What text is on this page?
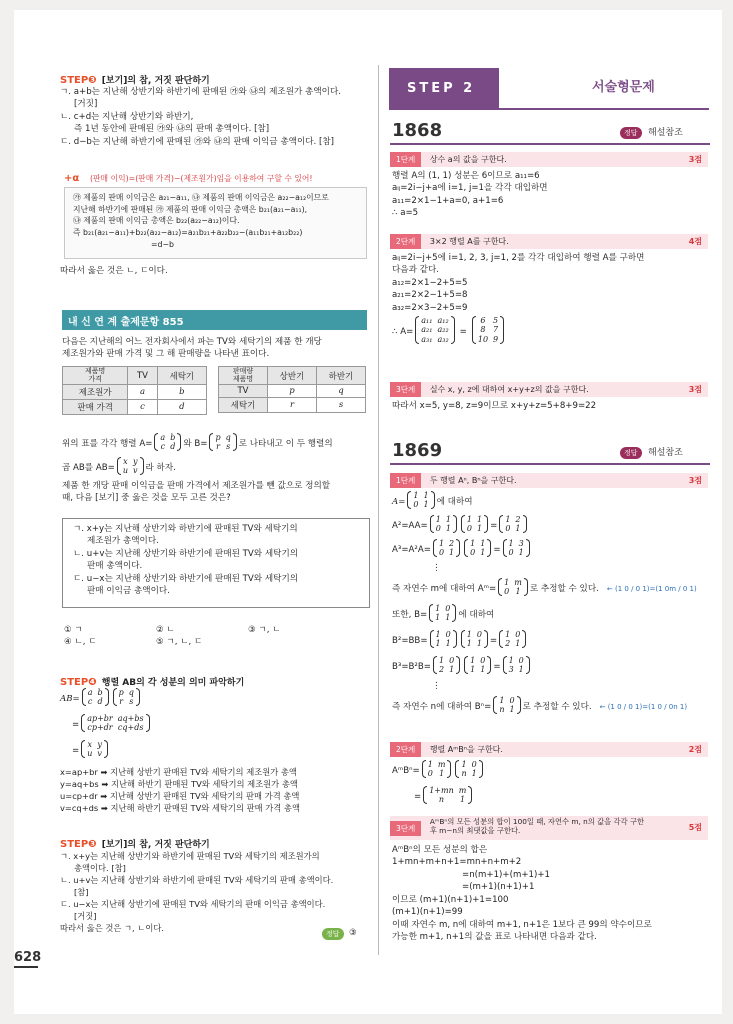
STEP❸ [보기]의 참, 거짓 판단하기
ㄱ. a+b는 지난해 상반기와 하반기에 판매된 ㉮와 ㉯의 제조원가 총액이다.
[거짓]
ㄴ. c+d는 지난해 상반기와 하반기,
즉 1년 동안에 판매된 ㉮와 ㉯의 판매 총액이다. [참]
ㄷ. d−b는 지난해 하반기에 판매된 ㉮와 ㉯의 판매 이익금 총액이다. [참]
+α (판매 이익)=(판매 가격)−(제조원가)임을 이용하여 구할 수 있어!
㉮ 제품의 판매 이익금은 a₂₁−a₁₁, ㉯ 제품의 판매 이익금은 a₂₂−a₁₂이므로
지난해 하반기에 판매된 ㉮ 제품의 판매 이익금 총액은 b₂₁(a₂₁−a₁₁),
㉯ 제품의 판매 이익금 총액은 b₂₂(a₂₂−a₁₂)이다.
즉 b₂₁(a₂₁−a₁₁)+b₂₂(a₂₂−a₁₂)=a₂₁b₂₁+a₂₂b₂₂−(a₁₁b₂₁+a₁₂b₂₂)
=d−b
따라서 옳은 것은 ㄴ, ㄷ이다.
내 신 연 계 출제문항 855
다음은 지난해의 어느 전자회사에서 파는 TV와 세탁기의 제품 한 개당
제조원가와 판매 가격 및 그 해 판매량을 나타낸 표이다.
제품명
가격	TV	세탁기
제조원가	a	b
판매 가격	c	d
판매량
제품명	상반기	하반기
TV	p	q
세탁기	r	s
위의 표를 각각 행렬 A=
a b
c d 와 B=
p q
r s 로 나타내고 이 두 행렬의
곱 AB를 AB=
x y
u v 라 하자.
제품 한 개당 판매 이익금을 판매 가격에서 제조원가를 뺀 값으로 정의할
때, 다음 [보기] 중 옳은 것을 모두 고른 것은?
ㄱ. x+y는 지난해 상반기와 하반기에 판매된 TV와 세탁기의
제조원가 총액이다.
ㄴ. u+v는 지난해 상반기와 하반기에 판매된 TV와 세탁기의
판매 총액이다.
ㄷ. u−x는 지난해 상반기와 하반기에 판매된 TV와 세탁기의
판매 이익금 총액이다.
① ㄱ	② ㄴ	③ ㄱ, ㄴ
④ ㄴ, ㄷ	⑤ ㄱ, ㄴ, ㄷ
STEP❹ 행렬 AB의 각 성분의 의미 파악하기
AB=
a b
c d
p q
r s
=
ap+br aq+bs
cp+dr cq+ds
=
x y
u v
x=ap+br ➡ 지난해 상반기 판매된 TV와 세탁기의 제조원가 총액
y=aq+bs ➡ 지난해 하반기 판매된 TV와 세탁기의 제조원가 총액
u=cp+dr ➡ 지난해 상반기 판매된 TV와 세탁기의 판매 가격 총액
v=cq+ds ➡ 지난해 하반기 판매된 TV와 세탁기의 판매 가격 총액
STEP❸ [보기]의 참, 거짓 판단하기
ㄱ. x+y는 지난해 상반기와 하반기에 판매된 TV와 세탁기의 제조원가의
총액이다. [참]
ㄴ. u+v는 지난해 상반기와 하반기에 판매된 TV와 세탁기의 판매 총액이다.
[참]
ㄷ. u−x는 지난해 상반기에 판매된 TV와 세탁기의 판매 이익금 총액이다.
[거짓]
따라서 옳은 것은 ㄱ, ㄴ이다.
정답	③
628
STEP 2	서술형문제
1868	정답	해설참조
1단계 상수 a의 값을 구한다.	3점
행렬 A의 (1, 1) 성분은 6이므로 a₁₁=6
aᵢⱼ=2i−j+a에 i=1, j=1을 각각 대입하면
a₁₁=2×1−1+a=0, a+1=6
∴ a=5
2단계 3×2 행렬 A를 구한다.	4점
aᵢⱼ=2i−j+5에 i=1, 2, 3, j=1, 2를 각각 대입하여 행렬 A를 구하면
다음과 같다.
a₁₂=2×1−2+5=5
a₂₁=2×2−1+5=8
a₃₂=2×3−2+5=9
∴ A=
a₁₁ a₁₂
a₂₁ a₂₂
a₃₁ a₃₂
=
6 5
8 7
10 9
3단계 실수 x, y, z에 대하여 x+y+z의 값을 구한다.	3점
따라서 x=5, y=8, z=9이므로 x+y+z=5+8+9=22
1869	정답	해설참조
1단계 두 행렬 Aⁿ, Bⁿ을 구한다.	3점
A=
1 1
0 1 에 대하여
A²=AA=
1 1
0 1
1 1
0 1 =
1 2
0 1
A³=A²A=
1 2
0 1
1 1
0 1 =
1 3
0 1
⋮
즉 자연수 m에 대하여 Aᵐ=
1 m
0 1 로 추정할 수 있다. ← (1 0 / 0 1)=(1 0m / 0 1)
또한, B=
1 0
1 1 에 대하여
B²=BB=
1 0
1 1
1 0
1 1 =
1 0
2 1
B³=B²B=
1 0
2 1
1 0
1 1 =
1 0
3 1
⋮
즉 자연수 n에 대하여 Bⁿ=
1 0
n 1 로 추정할 수 있다. ← (1 0 / 0 1)=(1 0 / 0n 1)
2단계 행렬 AᵐBⁿ을 구한다.	2점
AᵐBⁿ=
1 m
0 1
1 0
n 1
=
1+mn m
n	1
3단계 AᵐBⁿ의 모든 성분의 합이 100일 때, 자연수 m, n의 값을 각각 구한
후 m−n의 최댓값을 구한다.	5점
AᵐBⁿ의 모든 성분의 합은
1+mn+m+n+1=mn+n+m+2
=n(m+1)+(m+1)+1
=(m+1)(n+1)+1
이므로 (m+1)(n+1)+1=100
(m+1)(n+1)=99
이때 자연수 m, n에 대하여 m+1, n+1은 1보다 큰 99의 약수이므로
가능한 m+1, n+1의 값을 표로 나타내면 다음과 같다.
